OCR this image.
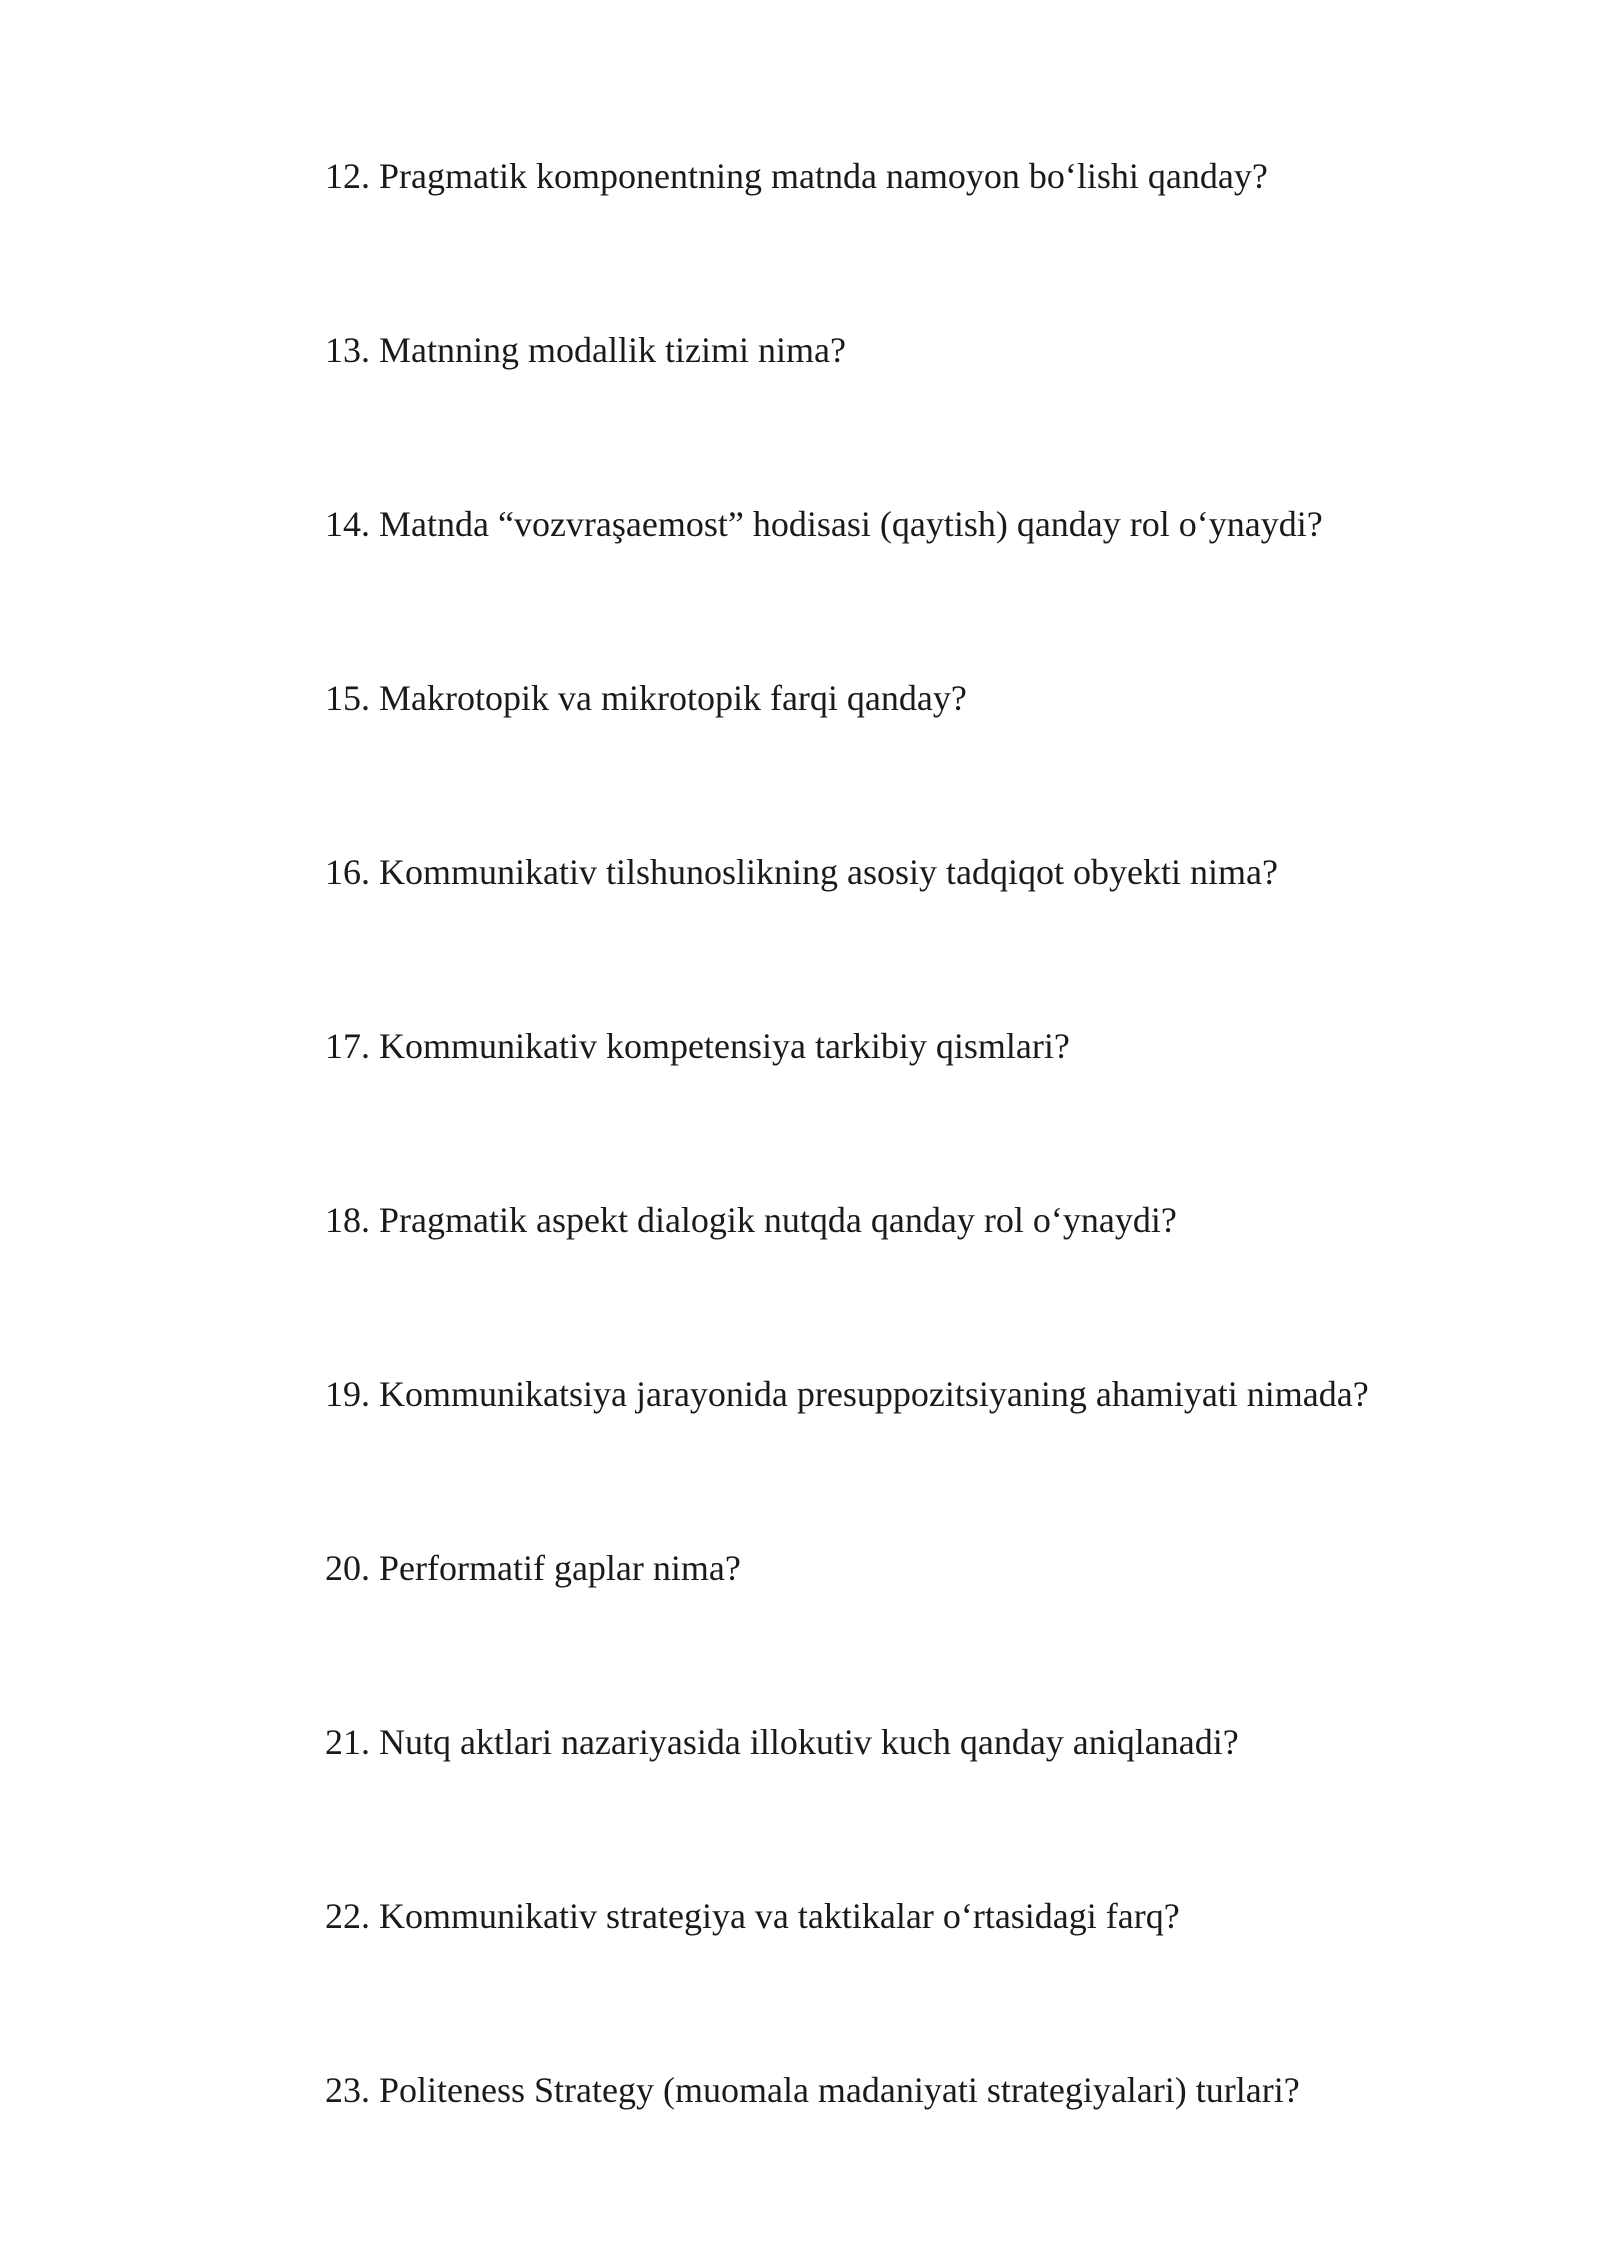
12. Pragmatik komponentning matnda namoyon bo‘lishi qanday?
13. Matnning modallik tizimi nima?
14. Matnda “vozvraşaemost” hodisasi (qaytish) qanday rol o‘ynaydi?
15. Makrotopik va mikrotopik farqi qanday?
16. Kommunikativ tilshunoslikning asosiy tadqiqot obyekti nima?
17. Kommunikativ kompetensiya tarkibiy qismlari?
18. Pragmatik aspekt dialogik nutqda qanday rol o‘ynaydi?
19. Kommunikatsiya jarayonida presuppozitsiyaning ahamiyati nimada?
20. Performatif gaplar nima?
21. Nutq aktlari nazariyasida illokutiv kuch qanday aniqlanadi?
22. Kommunikativ strategiya va taktikalar o‘rtasidagi farq?
23. Politeness Strategy (muomala madaniyati strategiyalari) turlari?
